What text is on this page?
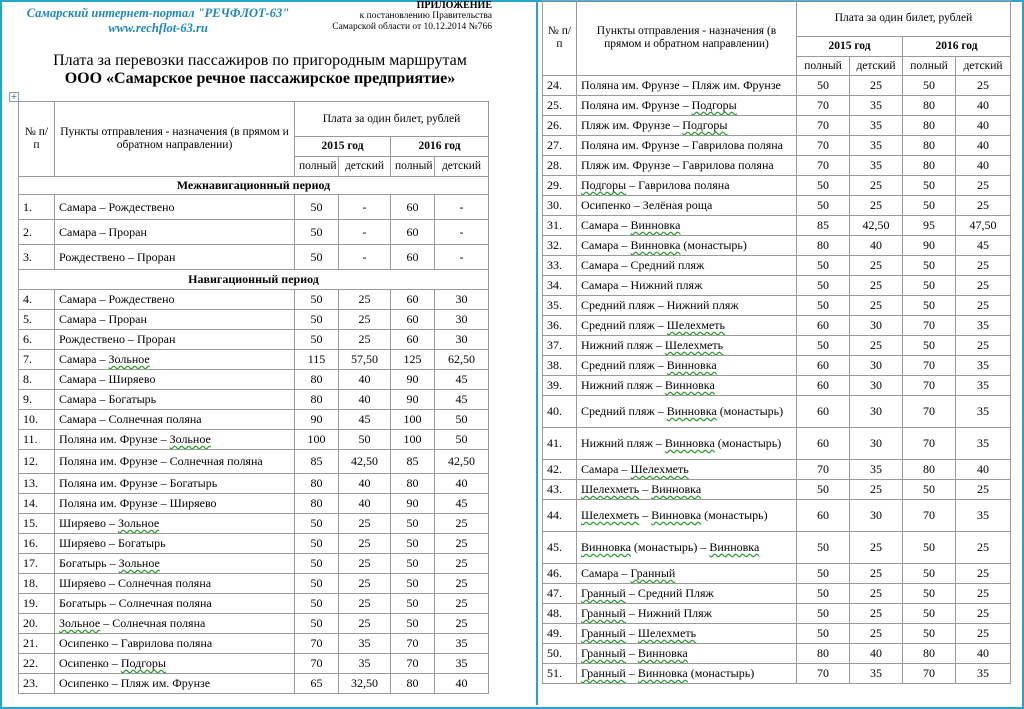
Самарский интернет-портал "РЕЧФЛОТ-63"
www.rechflot-63.ru
ПРИЛОЖЕНИЕ
к постановлению Правительства
Самарской области от 10.12.2014 №766
Плата за перевозки пассажиров по пригородным маршрутам
ООО «Самарское речное пассажирское предприятие»
+
№ п/п	Пункты отправления - назначения (в прямом и обратном направлении)	Плата за один билет, рублей			
		2015 год		2016 год	
		полный	детский	полный	детский
Межнавигационный период					
1.	Самара – Рождествено	50	-	60	-
2.	Самара – Проран	50	-	60	-
3.	Рождествено – Проран	50	-	60	-
Навигационный период					
4.	Самара – Рождествено	50	25	60	30
5.	Самара – Проран	50	25	60	30
6.	Рождествено – Проран	50	25	60	30
7.	Самара – Зольное	115	57,50	125	62,50
8.	Самара – Ширяево	80	40	90	45
9.	Самара – Богатырь	80	40	90	45
10.	Самара – Солнечная поляна	90	45	100	50
11.	Поляна им. Фрунзе – Зольное	100	50	100	50
12.	Поляна им. Фрунзе – Солнечная поляна	85	42,50	85	42,50
13.	Поляна им. Фрунзе – Богатырь	80	40	80	40
14.	Поляна им. Фрунзе – Ширяево	80	40	90	45
15.	Ширяево – Зольное	50	25	50	25
16.	Ширяево – Богатырь	50	25	50	25
17.	Богатырь – Зольное	50	25	50	25
18.	Ширяево – Солнечная поляна	50	25	50	25
19.	Богатырь – Солнечная поляна	50	25	50	25
20.	Зольное – Солнечная поляна	50	25	50	25
21.	Осипенко – Гаврилова поляна	70	35	70	35
22.	Осипенко – Подгоры	70	35	70	35
23.	Осипенко – Пляж им. Фрунзе	65	32,50	80	40
№ п/п	Пункты отправления - назначения (в прямом и обратном направлении)	Плата за один билет, рублей			
		2015 год		2016 год	
		полный	детский	полный	детский
24.	Поляна им. Фрунзе – Пляж им. Фрунзе	50	25	50	25
25.	Поляна им. Фрунзе – Подгоры	70	35	80	40
26.	Пляж им. Фрунзе – Подгоры	70	35	80	40
27.	Поляна им. Фрунзе – Гаврилова поляна	70	35	80	40
28.	Пляж им. Фрунзе – Гаврилова поляна	70	35	80	40
29.	Подгоры – Гаврилова поляна	50	25	50	25
30.	Осипенко – Зелёная роща	50	25	50	25
31.	Самара – Винновка	85	42,50	95	47,50
32.	Самара – Винновка (монастырь)	80	40	90	45
33.	Самара – Средний пляж	50	25	50	25
34.	Самара – Нижний пляж	50	25	50	25
35.	Средний пляж – Нижний пляж	50	25	50	25
36.	Средний пляж – Шелехметь	60	30	70	35
37.	Нижний пляж – Шелехметь	50	25	50	25
38.	Средний пляж – Винновка	60	30	70	35
39.	Нижний пляж – Винновка	60	30	70	35
40.	Средний пляж – Винновка (монастырь)	60	30	70	35
41.	Нижний пляж – Винновка (монастырь)	60	30	70	35
42.	Самара – Шелехметь	70	35	80	40
43.	Шелехметь – Винновка	50	25	50	25
44.	Шелехметь – Винновка (монастырь)	60	30	70	35
45.	Винновка (монастырь) – Винновка	50	25	50	25
46.	Самара – Гранный	50	25	50	25
47.	Гранный – Средний Пляж	50	25	50	25
48.	Гранный – Нижний Пляж	50	25	50	25
49.	Гранный – Шелехметь	50	25	50	25
50.	Гранный – Винновка	80	40	80	40
51.	Гранный – Винновка (монастырь)	70	35	70	35
